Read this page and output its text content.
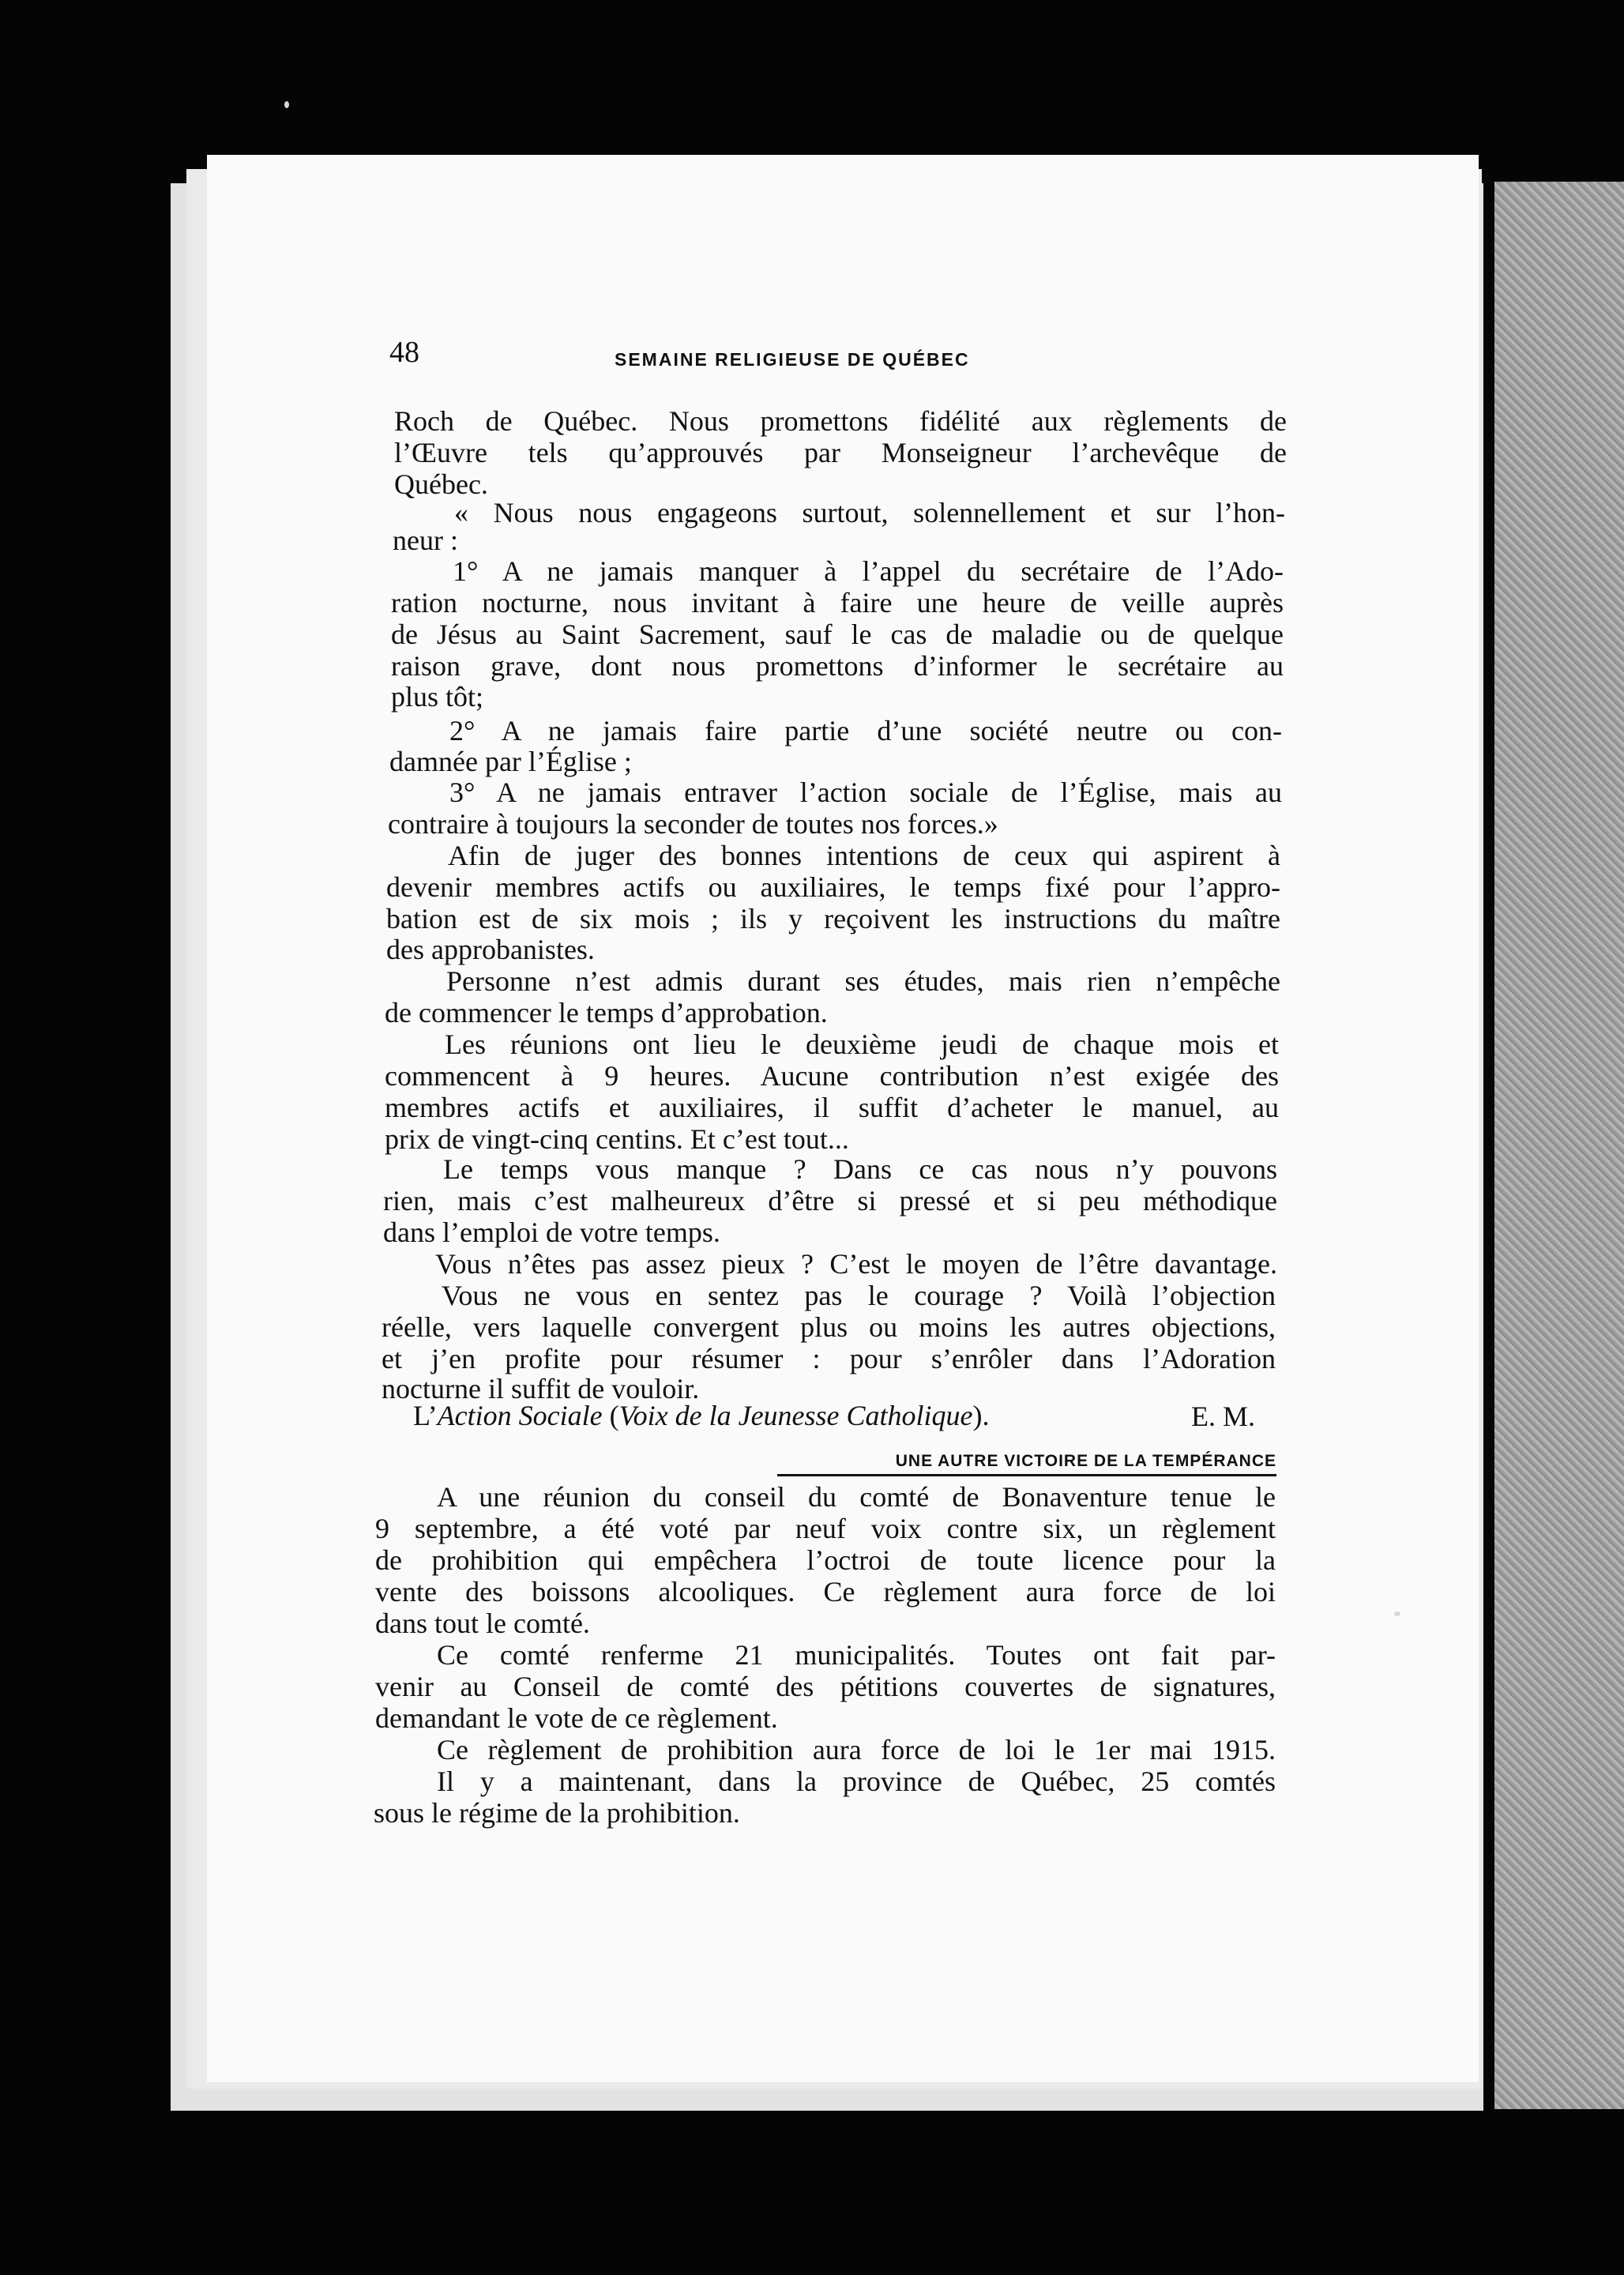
48	SEMAINE RELIGIEUSE DE QUÉBEC

Roch de Québec. Nous promettons fidélité aux règlements de

l’Œuvre tels qu’approuvés par Monseigneur l’archevêque de

Québec.

« Nous nous engageons surtout, solennellement et sur l’hon-

neur :

1° A ne jamais manquer à l’appel du secrétaire de l’Ado-

ration nocturne, nous invitant à faire une heure de veille auprès

de Jésus au Saint Sacrement, sauf le cas de maladie ou de quelque

raison grave, dont nous promettons d’informer le secrétaire au

plus tôt;

2° A ne jamais faire partie d’une société neutre ou con-

damnée par l’Église ;

3° A ne jamais entraver l’action sociale de l’Église, mais au

contraire à toujours la seconder de toutes nos forces.»

Afin de juger des bonnes intentions de ceux qui aspirent à

devenir membres actifs ou auxiliaires, le temps fixé pour l’appro-

bation est de six mois ; ils y reçoivent les instructions du maître

des approbanistes.

Personne n’est admis durant ses études, mais rien n’empêche

de commencer le temps d’approbation.

Les réunions ont lieu le deuxième jeudi de chaque mois et

commencent à 9 heures. Aucune contribution n’est exigée des

membres actifs et auxiliaires, il suffit d’acheter le manuel, au

prix de vingt-cinq centins. Et c’est tout...

Le temps vous manque ? Dans ce cas nous n’y pouvons

rien, mais c’est malheureux d’être si pressé et si peu méthodique

dans l’emploi de votre temps.

Vous n’êtes pas assez pieux ? C’est le moyen de l’être davantage.

Vous ne vous en sentez pas le courage ? Voilà l’objection

réelle, vers laquelle convergent plus ou moins les autres objections,

et j’en profite pour résumer : pour s’enrôler dans l’Adoration

nocturne il suffit de vouloir.

L’Action Sociale (Voix de la Jeunesse Catholique).	E. M.
UNE AUTRE VICTOIRE DE LA TEMPÉRANCE

A une réunion du conseil du comté de Bonaventure tenue le

9 septembre, a été voté par neuf voix contre six, un règlement

de prohibition qui empêchera l’octroi de toute licence pour la

vente des boissons alcooliques. Ce règlement aura force de loi

dans tout le comté.

Ce comté renferme 21 municipalités. Toutes ont fait par-

venir au Conseil de comté des pétitions couvertes de signatures,

demandant le vote de ce règlement.

Ce règlement de prohibition aura force de loi le 1er mai 1915.

Il y a maintenant, dans la province de Québec, 25 comtés

sous le régime de la prohibition.
